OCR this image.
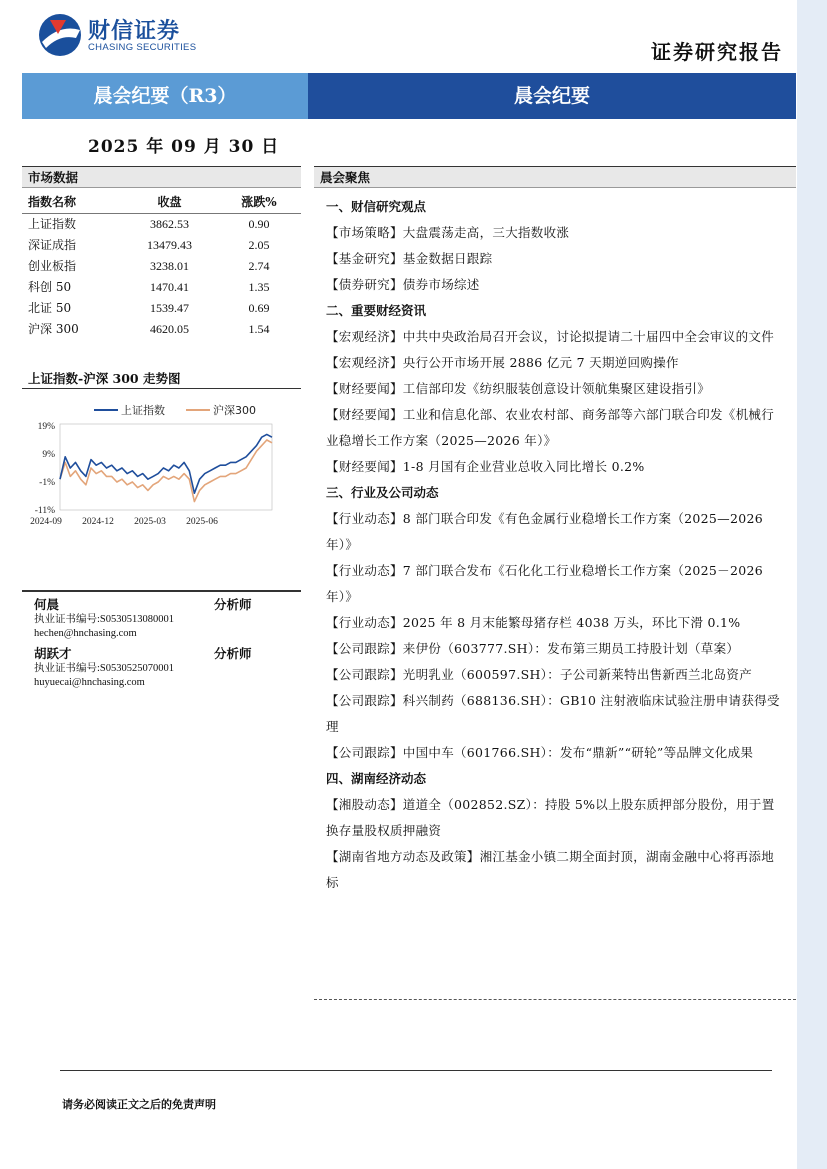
财信证券
CHASING SECURITIES	证券研究报告
晨会纪要（R3）	晨会纪要
2025 年 09 月 30 日
市场数据
指数名称	收盘	涨跌%
上证指数	3862.53	0.90
深证成指	13479.43	2.05
创业板指	3238.01	2.74
科创 50	1470.41	1.35
北证 50	1539.47	0.69
沪深 300	4620.05	1.54
上证指数-沪深 300 走势图
19%
9%
-1%
-11%
2024-09 2024-12 2025-03 2025-06
上证指数	沪深300
何晨	分析师
执业证书编号:S0530513080001
hechen@hnchasing.com
胡跃才	分析师
执业证书编号:S0530525070001
huyuecai@hnchasing.com
晨会聚焦
一、财信研究观点
【市场策略】大盘震荡走高，三大指数收涨
【基金研究】基金数据日跟踪
【债券研究】债券市场综述
二、重要财经资讯
【宏观经济】中共中央政治局召开会议，讨论拟提请二十届四中全会审议的文件
【宏观经济】央行公开市场开展 2886 亿元 7 天期逆回购操作
【财经要闻】工信部印发《纺织服装创意设计领航集聚区建设指引》
【财经要闻】工业和信息化部、农业农村部、商务部等六部门联合印发《机械行业稳增长工作方案（2025—2026 年）》
【财经要闻】1-8 月国有企业营业总收入同比增长 0.2%
三、行业及公司动态
【行业动态】8 部门联合印发《有色金属行业稳增长工作方案（2025—2026 年）》
【行业动态】7 部门联合发布《石化化工行业稳增长工作方案（2025－2026 年）》
【行业动态】2025 年 8 月末能繁母猪存栏 4038 万头，环比下滑 0.1%
【公司跟踪】来伊份（603777.SH）：发布第三期员工持股计划（草案）
【公司跟踪】光明乳业（600597.SH）：子公司新莱特出售新西兰北岛资产
【公司跟踪】科兴制药（688136.SH）：GB10 注射液临床试验注册申请获得受理
【公司跟踪】中国中车（601766.SH）：发布“鼎新”“研轮”等品牌文化成果
四、湖南经济动态
【湘股动态】道道全（002852.SZ）：持股 5%以上股东质押部分股份，用于置换存量股权质押融资
【湖南省地方动态及政策】湘江基金小镇二期全面封顶，湖南金融中心将再添地标
请务必阅读正文之后的免责声明
